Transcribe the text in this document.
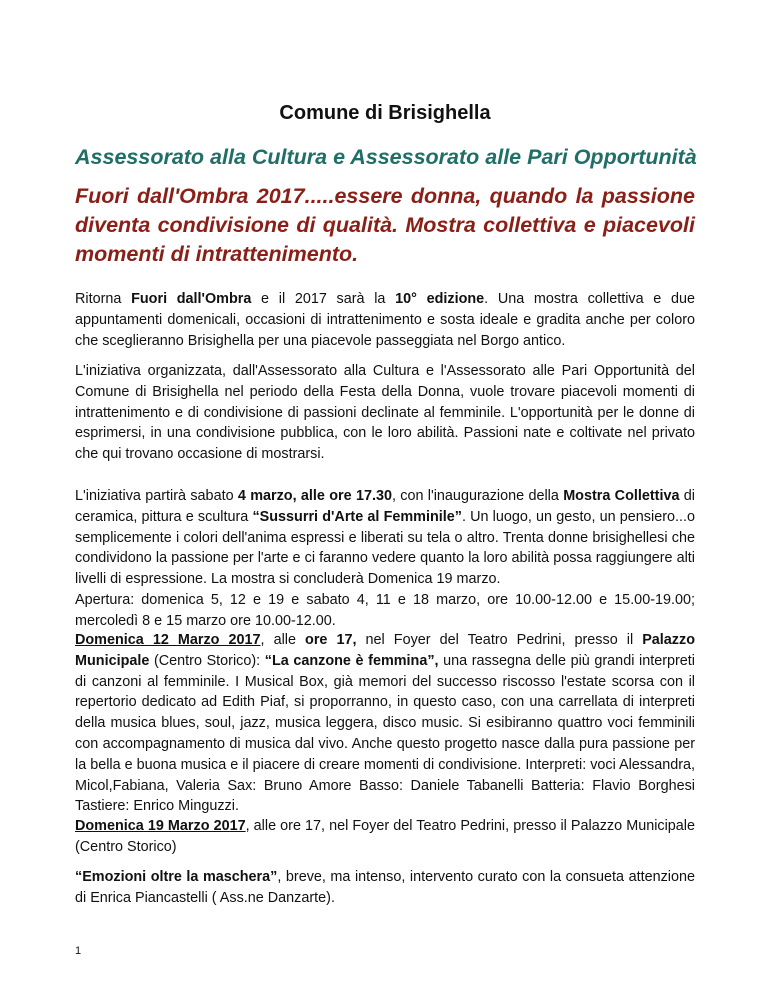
Comune di Brisighella
Assessorato alla Cultura e Assessorato alle Pari Opportunità
Fuori dall'Ombra 2017.....essere donna, quando la passione diventa condivisione di qualità. Mostra collettiva e piacevoli momenti di intrattenimento.
Ritorna Fuori dall'Ombra e il 2017 sarà la 10° edizione. Una mostra collettiva e due appuntamenti domenicali, occasioni di intrattenimento e sosta ideale e gradita anche per coloro che sceglieranno Brisighella per una piacevole passeggiata nel Borgo antico.
L'iniziativa organizzata, dall'Assessorato alla Cultura e l'Assessorato alle Pari Opportunità del Comune di Brisighella nel periodo della Festa della Donna, vuole trovare piacevoli momenti di intrattenimento e di condivisione di passioni declinate al femminile. L'opportunità per le donne di esprimersi, in una condivisione pubblica, con le loro abilità. Passioni nate e coltivate nel privato che qui trovano occasione di mostrarsi.
L'iniziativa partirà sabato 4 marzo, alle ore 17.30, con l'inaugurazione della Mostra Collettiva di ceramica, pittura e scultura “Sussurri d'Arte al Femminile”. Un luogo, un gesto, un pensiero...o semplicemente i colori dell'anima espressi e liberati su tela o altro. Trenta donne brisighellesi che condividono la passione per l'arte e ci faranno vedere quanto la loro abilità possa raggiungere alti livelli di espressione. La mostra si concluderà Domenica 19 marzo.
Apertura: domenica 5, 12 e 19 e sabato 4, 11 e 18 marzo, ore 10.00-12.00 e 15.00-19.00; mercoledì 8 e 15 marzo ore 10.00-12.00.
Domenica 12 Marzo 2017, alle ore 17, nel Foyer del Teatro Pedrini, presso il Palazzo Municipale (Centro Storico): “La canzone è femmina”, una rassegna delle più grandi interpreti di canzoni al femminile. I Musical Box, già memori del successo riscosso l'estate scorsa con il repertorio dedicato ad Edith Piaf, si proporranno, in questo caso, con una carrellata di interpreti della musica blues, soul, jazz, musica leggera, disco music. Si esibiranno quattro voci femminili con accompagnamento di musica dal vivo. Anche questo progetto nasce dalla pura passione per la bella e buona musica e il piacere di creare momenti di condivisione. Interpreti: voci Alessandra, Micol,Fabiana, Valeria Sax: Bruno Amore Basso: Daniele Tabanelli Batteria: Flavio Borghesi Tastiere: Enrico Minguzzi.
Domenica 19 Marzo 2017, alle ore 17, nel Foyer del Teatro Pedrini, presso il Palazzo Municipale (Centro Storico)
“Emozioni oltre la maschera”, breve, ma intenso, intervento curato con la consueta attenzione di Enrica Piancastelli ( Ass.ne Danzarte).
1
